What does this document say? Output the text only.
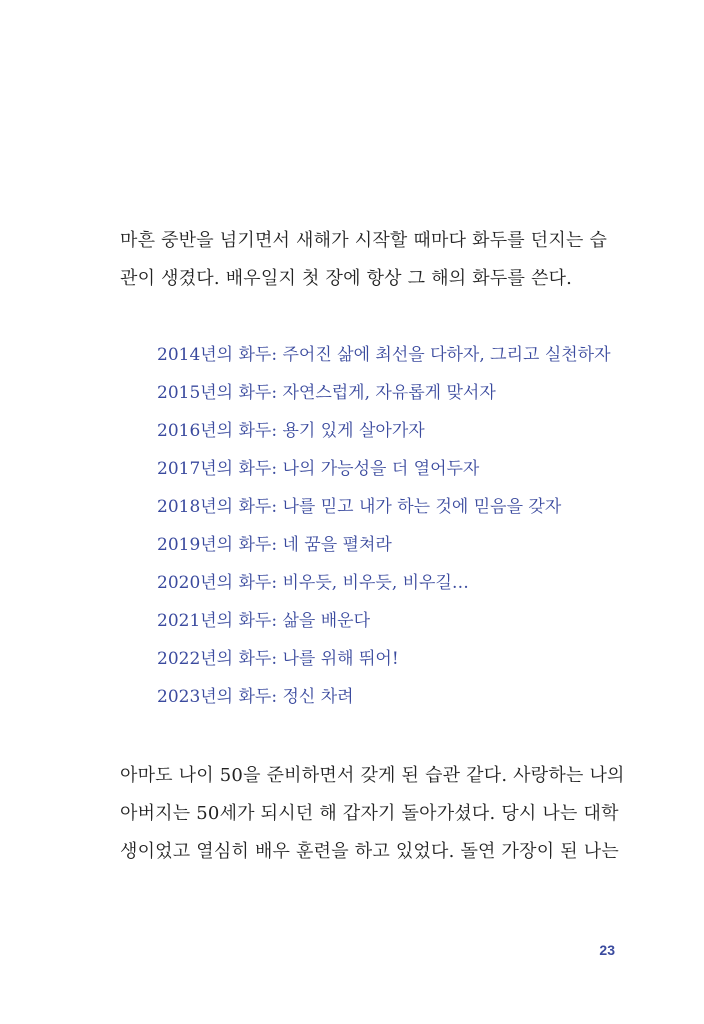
마흔 중반을 넘기면서 새해가 시작할 때마다 화두를 던지는 습
관이 생겼다. 배우일지 첫 장에 항상 그 해의 화두를 쓴다.
2014년의 화두: 주어진 삶에 최선을 다하자, 그리고 실천하자
2015년의 화두: 자연스럽게, 자유롭게 맞서자
2016년의 화두: 용기 있게 살아가자
2017년의 화두: 나의 가능성을 더 열어두자
2018년의 화두: 나를 믿고 내가 하는 것에 믿음을 갖자
2019년의 화두: 네 꿈을 펼쳐라
2020년의 화두: 비우듯, 비우듯, 비우길…
2021년의 화두: 삶을 배운다
2022년의 화두: 나를 위해 뛰어!
2023년의 화두: 정신 차려
아마도 나이 50을 준비하면서 갖게 된 습관 같다. 사랑하는 나의
아버지는 50세가 되시던 해 갑자기 돌아가셨다. 당시 나는 대학
생이었고 열심히 배우 훈련을 하고 있었다. 돌연 가장이 된 나는
23
